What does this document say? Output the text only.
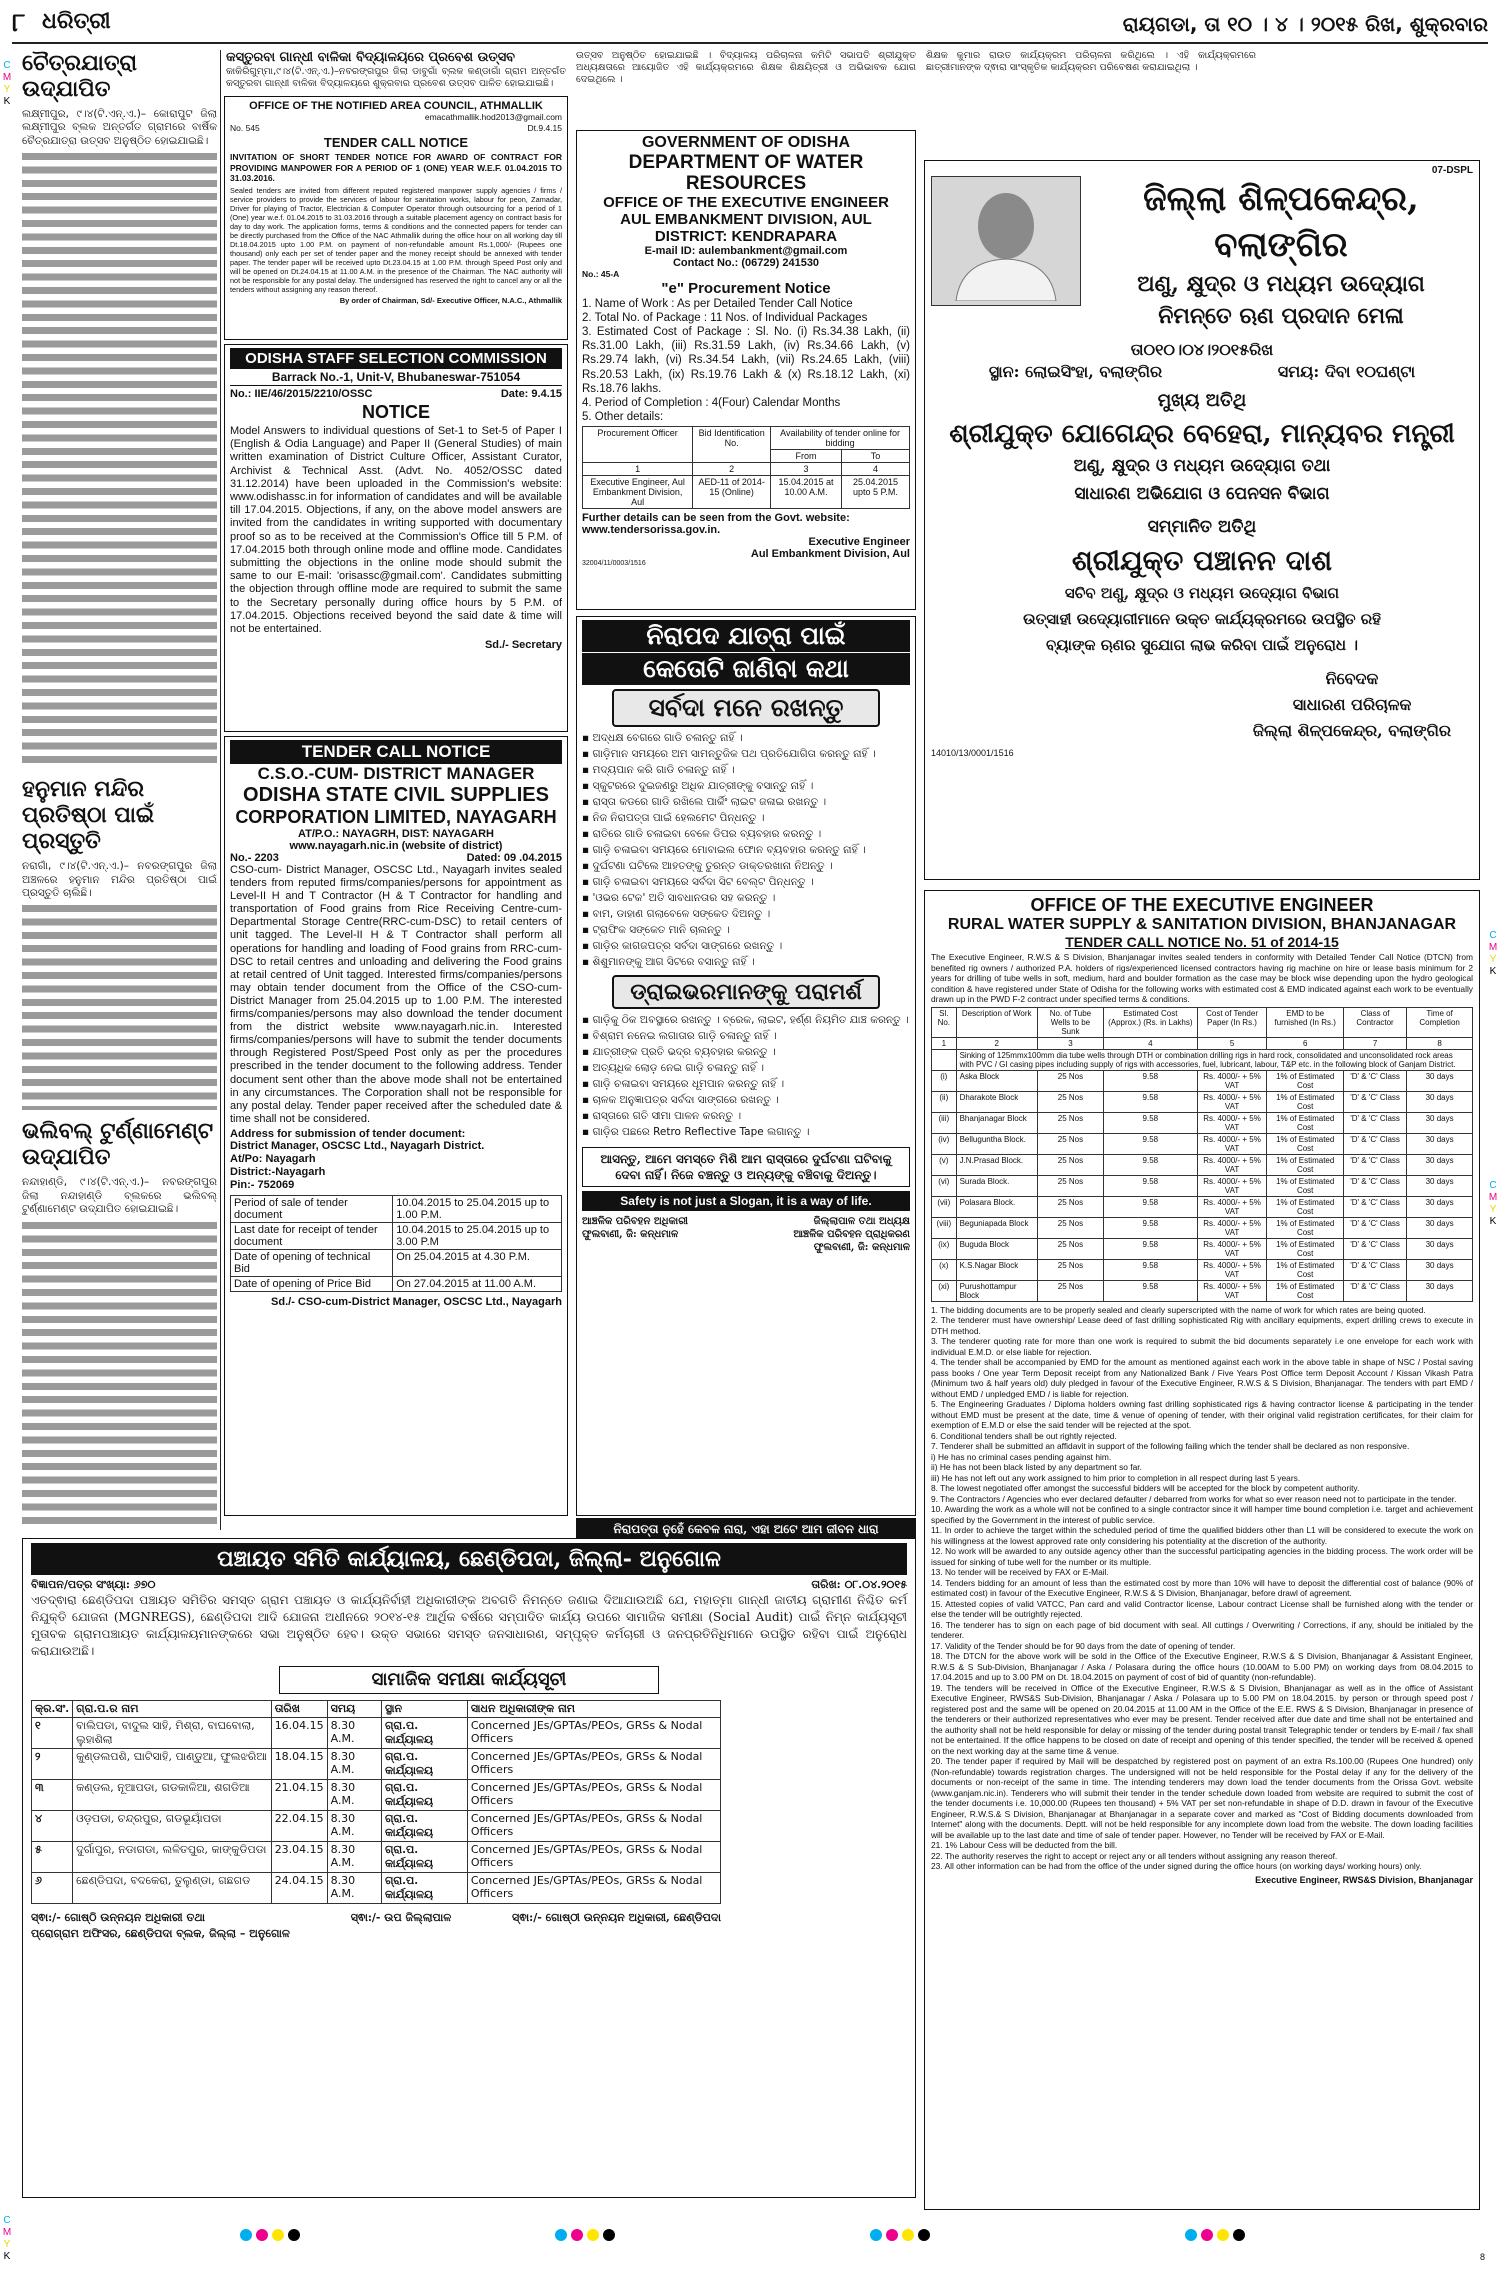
୮ ଧରିତ୍ରୀ	ରାୟଗଡା, ତା ୧୦ । ୪ । ୨୦୧୫ ରିଖ, ଶୁକ୍ରବାର
C
M
Y
K
C
M
Y
K
C
M
Y
K
C
M
Y
K
ଚୈତ୍ରଯାତ୍ରା ଉଦ୍ଯାପିତ
ଲକ୍ଷ୍ମୀପୁର, ୯।୪(ଟି.ଏନ୍.ଏ.)– କୋରାପୁଟ ଜିଲା ଲକ୍ଷ୍ମୀପୁର ବ୍ଲକ ଅନ୍ତର୍ଗତ ଗ୍ରାମରେ ବାର୍ଷିକ ଚୈତ୍ରଯାତ୍ରା ଉତ୍ସବ ଅନୁଷ୍ଠିତ ହୋଇଯାଇଛି।
ହନୁମାନ ମନ୍ଦିର ପ୍ରତିଷ୍ଠା ପାଇଁ ପ୍ରସ୍ତୁତି
ନରାଗାଁ, ୯।୪(ଟି.ଏନ୍.ଏ.)– ନବରଙ୍ଗପୁର ଜିଲା ଅଞ୍ଚଳରେ ହନୁମାନ ମନ୍ଦିର ପ୍ରତିଷ୍ଠା ପାଇଁ ପ୍ରସ୍ତୁତି ଚାଲିଛି।
ଭଲିବଲ୍ ଟୁର୍ଣ୍ଣାମେଣ୍ଟ ଉଦ୍ଯାପିତ
ନନ୍ଦାହାଣ୍ଡି, ୯।୪(ଟି.ଏନ୍.ଏ.)– ନବରଙ୍ଗପୁର ଜିଲା ନନ୍ଦାହାଣ୍ଡି ବ୍ଲକରେ ଭଲିବଲ୍ ଟୁର୍ଣ୍ଣାମେଣ୍ଟ ଉଦ୍ଯାପିତ ହୋଇଯାଇଛି।
କସ୍ତୁରବା ଗାନ୍ଧୀ ବାଳିକା ବିଦ୍ୟାଳୟରେ ପ୍ରବେଶ ଉତ୍ସବ
କାକିରିଗୁମ୍ମା,୯।୪(ଟି.ଏନ୍.ଏ.)–ନବରଙ୍ଗପୁର ଜିଲା ଡାବୁଗାଁ ବ୍ଲକ କଣ୍ଡାଗାଁ ଗ୍ରାମ ଅନ୍ତର୍ଗତ କସ୍ତୁରବା ଗାନ୍ଧୀ ବାଳିକା ବିଦ୍ୟାଳୟରେ ଶୁକ୍ରବାର ପ୍ରବେଶ ଉତ୍ସବ ପାଳିତ ହୋଇଯାଇଛି।
ଉତ୍ସବ ଅନୁଷ୍ଠିତ ହୋଇଯାଇଛି । ବିଦ୍ୟାଳୟ ପରିଚାଳନା କମିଟି ସଭାପତି ଶ୍ରୀଯୁକ୍ତ ଅଧ୍ୟକ୍ଷତାରେ ଆୟୋଜିତ ଏହି କାର୍ଯ୍ୟକ୍ରମରେ ଶିକ୍ଷକ ଶିକ୍ଷୟିତ୍ରୀ ଓ ଅଭିଭାବକ ଯୋଗ ଦେଇଥିଲେ ।
ଶିକ୍ଷକ କୁମାର ରାଉତ କାର୍ଯ୍ୟକ୍ରମ ପରିଚାଳନା କରିଥିଲେ । ଏହି କାର୍ଯ୍ୟକ୍ରମରେ ଛାତ୍ରୀମାନଙ୍କ ଦ୍ଵାରା ସାଂସ୍କୃତିକ କାର୍ଯ୍ୟକ୍ରମ ପରିବେଷଣ କରାଯାଇଥିଲା ।
OFFICE OF THE NOTIFIED AREA COUNCIL, ATHMALLIK
emacathmallik.hod2013@gmail.com
No. 545	Dt.9.4.15
TENDER CALL NOTICE
INVITATION OF SHORT TENDER NOTICE FOR AWARD OF CONTRACT FOR PROVIDING MANPOWER FOR A PERIOD OF 1 (ONE) YEAR W.E.F. 01.04.2015 TO 31.03.2016.
Sealed tenders are invited from different reputed registered manpower supply agencies / firms / service providers to provide the services of labour for sanitation works, labour for peon, Zamadar, Driver for playing of Tractor, Electrician & Computer Operator through outsourcing for a period of 1 (One) year w.e.f. 01.04.2015 to 31.03.2016 through a suitable placement agency on contract basis for day to day work. The application forms, terms & conditions and the connected papers for tender can be directly purchased from the Office of the NAC Athmallik during the office hour on all working day till Dt.18.04.2015 upto 1.00 P.M. on payment of non-refundable amount Rs.1,000/- (Rupees one thousand) only each per set of tender paper and the money receipt should be annexed with tender paper. The tender paper will be received upto Dt.23.04.15 at 1.00 P.M. through Speed Post only and will be opened on Dt.24.04.15 at 11.00 A.M. in the presence of the Chairman. The NAC authority will not be responsible for any postal delay. The undersigned has reserved the right to cancel any or all the tenders without assigning any reason thereof.
By order of Chairman, Sd/- Executive Officer, N.A.C., Athmallik
ODISHA STAFF SELECTION COMMISSION
Barrack No.-1, Unit-V, Bhubaneswar-751054
No.: IIE/46/2015/2210/OSSC	Date: 9.4.15
NOTICE
Model Answers to individual questions of Set-1 to Set-5 of Paper I (English & Odia Language) and Paper II (General Studies) of main written examination of District Culture Officer, Assistant Curator, Archivist & Technical Asst. (Advt. No. 4052/OSSC dated 31.12.2014) have been uploaded in the Commission's website: www.odishassc.in for information of candidates and will be available till 17.04.2015. Objections, if any, on the above model answers are invited from the candidates in writing supported with documentary proof so as to be received at the Commission's Office till 5 P.M. of 17.04.2015 both through online mode and offline mode. Candidates submitting the objections in the online mode should submit the same to our E-mail: 'orisassc@gmail.com'. Candidates submitting the objection through offline mode are required to submit the same to the Secretary personally during office hours by 5 P.M. of 17.04.2015. Objections received beyond the said date & time will not be entertained.
Sd./- Secretary
TENDER CALL NOTICE
C.S.O.-CUM- DISTRICT MANAGER
ODISHA STATE CIVIL SUPPLIES
CORPORATION LIMITED, NAYAGARH
AT/P.O.: NAYAGRH, DIST: NAYAGARH
www.nayagarh.nic.in (website of district)
No.- 2203	Dated: 09 .04.2015
CSO-cum- District Manager, OSCSC Ltd., Nayagarh invites sealed tenders from reputed firms/companies/persons for appointment as Level-II H and T Contractor (H & T Contractor for handling and transportation of Food grains from Rice Receiving Centre-cum-Departmental Storage Centre(RRC-cum-DSC) to retail centers of unit tagged. The Level-II H & T Contractor shall perform all operations for handling and loading of Food grains from RRC-cum-DSC to retail centres and unloading and delivering the Food grains at retail centred of Unit tagged. Interested firms/companies/persons may obtain tender document from the Office of the CSO-cum- District Manager from 25.04.2015 up to 1.00 P.M. The interested firms/companies/persons may also download the tender document from the district website www.nayagarh.nic.in. Interested firms/companies/persons will have to submit the tender documents through Registered Post/Speed Post only as per the procedures prescribed in the tender document to the following address. Tender document sent other than the above mode shall not be entertained in any circumstances. The Corporation shall not be responsible for any postal delay. Tender paper received after the scheduled date & time shall not be considered.
Address for submission of tender document:
District Manager, OSCSC Ltd., Nayagarh District.
At/Po: Nayagarh
District:-Nayagarh
Pin:- 752069
Period of sale of tender document	10.04.2015 to 25.04.2015 up to 1.00 P.M.
Last date for receipt of tender document	10.04.2015 to 25.04.2015 up to 3.00 P.M
Date of opening of technical Bid	On 25.04.2015 at 4.30 P.M.
Date of opening of Price Bid	On 27.04.2015 at 11.00 A.M.
Sd./- CSO-cum-District Manager, OSCSC Ltd., Nayagarh
GOVERNMENT OF ODISHA
DEPARTMENT OF WATER RESOURCES
OFFICE OF THE EXECUTIVE ENGINEER
AUL EMBANKMENT DIVISION, AUL
DISTRICT: KENDRAPARA
E-mail ID: aulembankment@gmail.com
Contact No.: (06729) 241530
No.: 45-A
"e" Procurement Notice
1. Name of Work : As per Detailed Tender Call Notice
2. Total No. of Package : 11 Nos. of Individual Packages
3. Estimated Cost of Package : Sl. No. (i) Rs.34.38 Lakh, (ii) Rs.31.00 Lakh, (iii) Rs.31.59 Lakh, (iv) Rs.34.66 Lakh, (v) Rs.29.74 lakh, (vi) Rs.34.54 Lakh, (vii) Rs.24.65 Lakh, (viii) Rs.20.53 Lakh, (ix) Rs.19.76 Lakh & (x) Rs.18.12 Lakh, (xi) Rs.18.76 lakhs.
4. Period of Completion : 4(Four) Calendar Months
5. Other details:
Procurement Officer	Bid Identification No.	Availability of tender online for bidding	
		From	To
1	2	3	4
Executive Engineer, Aul Embankment Division, Aul	AED-11 of 2014-15 (Online)	15.04.2015 at 10.00 A.M.	25.04.2015 upto 5 P.M.
Further details can be seen from the Govt. website: www.tendersorissa.gov.in.
Executive Engineer
Aul Embankment Division, Aul
32004/11/0003/1516
ନିରାପଦ ଯାତ୍ରା ପାଇଁ
କେତୋଟି ଜାଣିବା କଥା
ସର୍ବଦା ମନେ ରଖନ୍ତୁ
▪ ଅଦ୍ଧକ୍ଷ ବେଗରେ ଗାଡି ଚଳାନ୍ତୁ ନାହିଁ ।
▪ ଗାଡ଼ିମାନ ସମୟରେ ଅମ ସାମନ୍ତୁଜିକ ପଥ ପ୍ରତିଯୋଗିତା କରନ୍ତୁ ନାହିଁ ।
▪ ମଦ୍ୟପାନ କରି ଗାଡି ଚଳାନ୍ତୁ ନାହିଁ ।
▪ ସ୍କୁଟରରେ ଦୁଇଜଣରୁ ଅଧିକ ଯାତ୍ରୀଙ୍କୁ ବସାନ୍ତୁ ନାହିଁ ।
▪ ରାସ୍ତା କଡରେ ଗାଡି ରଖିଲେ ପାର୍କିଂ ଲାଇଟ ଜଳାଇ ରଖନ୍ତୁ ।
▪ ନିଜ ନିରାପତ୍ତା ପାଇଁ ହେଲମେଟ ପିନ୍ଧନ୍ତୁ ।
▪ ରାତିରେ ଗାଡି ଚଳାଇବା ବେଳେ ଡିପର ବ୍ୟବହାର କରନ୍ତୁ ।
▪ ଗାଡ଼ି ଚଳାଇବା ସମୟରେ ମୋବାଇଲ ଫୋନ ବ୍ୟବହାର କରନ୍ତୁ ନାହିଁ ।
▪ ଦୁର୍ଘଟଣା ଘଟିଲେ ଆହତଙ୍କୁ ତୁରନ୍ତ ଡାକ୍ତରଖାନା ନିଅନ୍ତୁ ।
▪ ଗାଡ଼ି ଚଳାଇବା ସମୟରେ ସର୍ବଦା ସିଟ ବେଲ୍ଟ ପିନ୍ଧନ୍ତୁ ।
▪ 'ଓଭର ଟେକ' ଅତି ସାବଧାନତାର ସହ କରନ୍ତୁ ।
▪ ବାମ, ଡାହାଣ ଗଲାବେଳେ ସଙ୍କେତ ଦିଅନ୍ତୁ ।
▪ ଟ୍ରାଫିକ ସଙ୍କେତ ମାନି ଚାଲନ୍ତୁ ।
▪ ଗାଡ଼ିର କାଗଜପତ୍ର ସର୍ବଦା ସାଙ୍ଗରେ ରଖନ୍ତୁ ।
▪ ଶିଶୁମାନଙ୍କୁ ଆଗ ସିଟରେ ବସାନ୍ତୁ ନାହିଁ ।
ଡ୍ରାଇଭରମାନଙ୍କୁ ପରାମର୍ଶ
▪ ଗାଡ଼ିକୁ ଠିକ ଅବସ୍ଥାରେ ରଖନ୍ତୁ । ବ୍ରେକ, ଲାଇଟ, ହର୍ଣ୍ଣ ନିୟମିତ ଯାଞ୍ଚ କରନ୍ତୁ ।
▪ ବିଶ୍ରାମ ନନେଇ ଲଗାତାର ଗାଡ଼ି ଚଳାନ୍ତୁ ନାହିଁ ।
▪ ଯାତ୍ରୀଙ୍କ ପ୍ରତି ଭଦ୍ର ବ୍ୟବହାର କରନ୍ତୁ ।
▪ ଅତ୍ୟଧିକ ଲୋଡ଼ ନେଇ ଗାଡ଼ି ଚଳାନ୍ତୁ ନାହିଁ ।
▪ ଗାଡ଼ି ଚଳାଇବା ସମୟରେ ଧୂମପାନ କରନ୍ତୁ ନାହିଁ ।
▪ ଚାଳକ ଅନୁଜ୍ଞାପତ୍ର ସର୍ବଦା ସାଙ୍ଗରେ ରଖନ୍ତୁ ।
▪ ରାସ୍ତାରେ ଗତି ସୀମା ପାଳନ କରନ୍ତୁ ।
▪ ଗାଡ଼ିର ପଛରେ Retro Reflective Tape ଲଗାନ୍ତୁ ।
ଆସନ୍ତୁ, ଆମେ ସମସ୍ତେ ମିଶି ଆମ ରାସ୍ତାରେ ଦୁର୍ଘଟଣା ଘଟିବାକୁ ଦେବା ନାହିଁ। ନିଜେ ବଞ୍ଚନ୍ତୁ ଓ ଅନ୍ୟଙ୍କୁ ବଞ୍ଚିବାକୁ ଦିଅନ୍ତୁ।
Safety is not just a Slogan, it is a way of life.
ଆଞ୍ଚଳିକ ପରିବହନ ଅଧିକାରୀ
ଫୁଲବାଣୀ, ଜି: କନ୍ଧମାଳ
ଜିଲ୍ଲାପାଳ ତଥା ଅଧ୍ୟକ୍ଷ
ଆଞ୍ଚଳିକ ପରିବହନ ପ୍ରାଧିକରଣ
ଫୁଲବାଣୀ, ଜି: କନ୍ଧମାଳ
ନିରାପତ୍ତା ନୁହେଁ କେବଳ ନାରା, ଏହା ଅଟେ ଆମ ଜୀବନ ଧାରା
07-DSPL
ଜିଲ୍ଲା ଶିଳ୍ପକେନ୍ଦ୍ର, ବଲାଙ୍ଗିର
ଅଣୁ, କ୍ଷୁଦ୍ର ଓ ମଧ୍ୟମ ଉଦ୍ୟୋଗ
ନିମନ୍ତେ ଋଣ ପ୍ରଦାନ ମେଳା
ତା୦୧୦।୦୪।୨୦୧୫ରିଖ
ସ୍ଥାନ: ଲୋଇସିଂହା, ବଲାଙ୍ଗିର	ସମୟ: ଦିବା ୧୦ଘଣ୍ଟା
ମୁଖ୍ୟ ଅତିଥି
ଶ୍ରୀଯୁକ୍ତ ଯୋଗେନ୍ଦ୍ର ବେହେରା, ମାନ୍ୟବର ମନ୍ତ୍ରୀ
ଅଣୁ, କ୍ଷୁଦ୍ର ଓ ମଧ୍ୟମ ଉଦ୍ୟୋଗ ତଥା
ସାଧାରଣ ଅଭିଯୋଗ ଓ ପେନସନ ବିଭାଗ
ସମ୍ମାନିତ ଅତିଥି
ଶ୍ରୀଯୁକ୍ତ ପଞ୍ଚାନନ ଦାଶ
ସଚିବ ଅଣୁ, କ୍ଷୁଦ୍ର ଓ ମଧ୍ୟମ ଉଦ୍ୟୋଗ ବିଭାଗ
ଉତ୍ସାହୀ ଉଦ୍ୟୋଗୀମାନେ ଉକ୍ତ କାର୍ଯ୍ୟକ୍ରମରେ ଉପସ୍ଥିତ ରହି
ବ୍ୟାଙ୍କ ଋଣର ସୁଯୋଗ ଲାଭ କରିବା ପାଇଁ ଅନୁରୋଧ ।
ନିବେଦକ
ସାଧାରଣ ପରିଚାଳକ
ଜିଲ୍ଲା ଶିଳ୍ପକେନ୍ଦ୍ର, ବଲାଙ୍ଗିର
14010/13/0001/1516
OFFICE OF THE EXECUTIVE ENGINEER
RURAL WATER SUPPLY & SANITATION DIVISION, BHANJANAGAR
TENDER CALL NOTICE No. 51 of 2014-15
The Executive Engineer, R.W.S & S Division, Bhanjanagar invites sealed tenders in conformity with Detailed Tender Call Notice (DTCN) from benefited rig owners / authorized P.A. holders of rigs/experienced licensed contractors having rig machine on hire or lease basis minimum for 2 years for drilling of tube wells in soft, medium, hard and boulder formation as the case may be block wise depending upon the hydro geological condition & have registered under State of Odisha for the following works with estimated cost & EMD indicated against each work to be eventually drawn up in the PWD F-2 contract under specified terms & conditions.
Sl. No.	Description of Work	No. of Tube Wells to be Sunk	Estimated Cost (Approx.) (Rs. in Lakhs)	Cost of Tender Paper (In Rs.)	EMD to be furnished (In Rs.)	Class of Contractor	Time of Completion
1	2	3	4	5	6	7	8
	Sinking of 125mmx100mm dia tube wells through DTH or combination drilling rigs in hard rock, consolidated and unconsolidated rock areas with PVC / GI casing pipes including supply of rigs with accessories, fuel, lubricant, labour, T&P etc. in the following block of Ganjam District.						
(i)	Aska Block	25 Nos	9.58	Rs. 4000/- + 5% VAT	1% of Estimated Cost	'D' & 'C' Class	30 days
(ii)	Dharakote Block	25 Nos	9.58	Rs. 4000/- + 5% VAT	1% of Estimated Cost	'D' & 'C' Class	30 days
(iii)	Bhanjanagar Block	25 Nos	9.58	Rs. 4000/- + 5% VAT	1% of Estimated Cost	'D' & 'C' Class	30 days
(iv)	Belluguntha Block.	25 Nos	9.58	Rs. 4000/- + 5% VAT	1% of Estimated Cost	'D' & 'C' Class	30 days
(v)	J.N.Prasad Block.	25 Nos	9.58	Rs. 4000/- + 5% VAT	1% of Estimated Cost	'D' & 'C' Class	30 days
(vi)	Surada Block.	25 Nos	9.58	Rs. 4000/- + 5% VAT	1% of Estimated Cost	'D' & 'C' Class	30 days
(vii)	Polasara Block.	25 Nos	9.58	Rs. 4000/- + 5% VAT	1% of Estimated Cost	'D' & 'C' Class	30 days
(viii)	Beguniapada Block	25 Nos	9.58	Rs. 4000/- + 5% VAT	1% of Estimated Cost	'D' & 'C' Class	30 days
(ix)	Buguda Block	25 Nos	9.58	Rs. 4000/- + 5% VAT	1% of Estimated Cost	'D' & 'C' Class	30 days
(x)	K.S.Nagar Block	25 Nos	9.58	Rs. 4000/- + 5% VAT	1% of Estimated Cost	'D' & 'C' Class	30 days
(xi)	Purushottampur Block	25 Nos	9.58	Rs. 4000/- + 5% VAT	1% of Estimated Cost	'D' & 'C' Class	30 days
1. The bidding documents are to be properly sealed and clearly superscripted with the name of work for which rates are being quoted.
2. The tenderer must have ownership/ Lease deed of fast drilling sophisticated Rig with ancillary equipments, expert drilling crews to execute in DTH method.
3. The tenderer quoting rate for more than one work is required to submit the bid documents separately i.e one envelope for each work with individual E.M.D. or else liable for rejection.
4. The tender shall be accompanied by EMD for the amount as mentioned against each work in the above table in shape of NSC / Postal saving pass books / One year Term Deposit receipt from any Nationalized Bank / Five Years Post Office term Deposit Account / Kissan Vikash Patra (Minimum two & half years old) duly pledged in favour of the Executive Engineer, R.W.S & S Division, Bhanjanagar. The tenders with part EMD / without EMD / unpledged EMD / is liable for rejection.
5. The Engineering Graduates / Diploma holders owning fast drilling sophisticated rigs & having contractor license & participating in the tender without EMD must be present at the date, time & venue of opening of tender, with their original valid registration certificates, for their claim for exemption of E.M.D or else the said tender will be rejected at the spot.
6. Conditional tenders shall be out rightly rejected.
7. Tenderer shall be submitted an affidavit in support of the following failing which the tender shall be declared as non responsive.
i) He has no criminal cases pending against him.
ii) He has not been black listed by any department so far.
iii) He has not left out any work assigned to him prior to completion in all respect during last 5 years.
8. The lowest negotiated offer amongst the successful bidders will be accepted for the block by competent authority.
9. The Contractors / Agencies who ever declared defaulter / debarred from works for what so ever reason need not to participate in the tender.
10. Awarding the work as a whole will not be confined to a single contractor since it will hamper time bound completion i.e. target and achievement specified by the Government in the interest of public service.
11. In order to achieve the target within the scheduled period of time the qualified bidders other than L1 will be considered to execute the work on his willingness at the lowest approved rate only considering his potentiality at the discretion of the authority.
12. No work will be awarded to any outside agency other than the successful participating agencies in the bidding process. The work order will be issued for sinking of tube well for the number or its multiple.
13. No tender will be received by FAX or E-Mail.
14. Tenders bidding for an amount of less than the estimated cost by more than 10% will have to deposit the differential cost of balance (90% of estimated cost) in favour of the Executive Engineer, R.W.S & S Division, Bhanjanagar, before drawl of agreement.
15. Attested copies of valid VATCC, Pan card and valid Contractor license, Labour contract License shall be furnished along with the tender or else the tender will be outrightly rejected.
16. The tenderer has to sign on each page of bid document with seal. All cuttings / Overwriting / Corrections, if any, should be initialed by the tenderer.
17. Validity of the Tender should be for 90 days from the date of opening of tender.
18. The DTCN for the above work will be sold in the Office of the Executive Engineer, R.W.S & S Division, Bhanjanagar & Assistant Engineer, R.W.S & S Sub-Division, Bhanjanagar / Aska / Polasara during the office hours (10.00AM to 5.00 PM) on working days from 08.04.2015 to 17.04.2015 and up to 3.00 PM on Dt. 18.04.2015 on payment of cost of bid of quantity (non-refundable).
19. The tenders will be received in Office of the Executive Engineer, R.W.S & S Division, Bhanjanagar as well as in the office of Assistant Executive Engineer, RWS&S Sub-Division, Bhanjanagar / Aska / Polasara up to 5.00 PM on 18.04.2015. by person or through speed post / registered post and the same will be opened on 20.04.2015 at 11.00 AM in the Office of the E.E. RWS & S Division, Bhanjanagar in presence of the tenderers or their authorized representatives who ever may be present. Tender received after due date and time shall not be entertained and the authority shall not be held responsible for delay or missing of the tender during postal transit Telegraphic tender or tenders by E-mail / fax shall not be entertained. If the office happens to be closed on date of receipt and opening of this tender specified, the tender will be received & opened on the next working day at the same time & venue.
20. The tender paper if required by Mail will be despatched by registered post on payment of an extra Rs.100.00 (Rupees One hundred) only (Non-refundable) towards registration charges. The undersigned will not be held responsible for the Postal delay if any for the delivery of the documents or non-receipt of the same in time. The intending tenderers may down load the tender documents from the Orissa Govt. website (www.ganjam.nic.in). Tenderers who will submit their tender in the tender schedule down loaded from website are required to submit the cost of the tender documents i.e. 10,000.00 (Rupees ten thousand) + 5% VAT per set non-refundable in shape of D.D. drawn in favour of the Executive Engineer, R.W.S.& S Division, Bhanjanagar at Bhanjanagar in a separate cover and marked as "Cost of Bidding documents downloaded from Internet" along with the documents. Deptt. will not be held responsible for any incomplete down load from the website. The down loading facilities will be available up to the last date and time of sale of tender paper. However, no Tender will be received by FAX or E-Mail.
21. 1% Labour Cess will be deducted from the bill.
22. The authority reserves the right to accept or reject any or all tenders without assigning any reason thereof.
23. All other information can be had from the office of the under signed during the office hours (on working days/ working hours) only.
Executive Engineer, RWS&S Division, Bhanjanagar
ପଞ୍ଚାୟତ ସମିତି କାର୍ଯ୍ୟାଳୟ, ଛେଣ୍ଡିପଦା, ଜିଲ୍ଲା- ଅନୁଗୋଳ
ବିଜ୍ଞାପନ/ପତ୍ର ସଂଖ୍ୟା: ୬୭୦	ତାରିଖ: ୦୮.୦୪.୨୦୧୫
ଏତଦ୍ଵାରା ଛେଣ୍ଡିପଦା ପଞ୍ଚାୟତ ସମିତିର ସମସ୍ତ ଗ୍ରାମ ପଞ୍ଚାୟତ ଓ କାର୍ଯ୍ୟନିର୍ବାହୀ ଅଧିକାରୀଙ୍କ ଅବଗତି ନିମନ୍ତେ ଜଣାଇ ଦିଆଯାଉଅଛି ଯେ, ମହାତ୍ମା ଗାନ୍ଧୀ ଜାତୀୟ ଗ୍ରାମୀଣ ନିଶ୍ଚିତ କର୍ମ ନିଯୁକ୍ତି ଯୋଜନା (MGNREGS), ଛେଣ୍ଡିପଦା ଆଦି ଯୋଜନା ଅଧୀନରେ ୨୦୧୪-୧୫ ଆର୍ଥିକ ବର୍ଷରେ ସମ୍ପାଦିତ କାର୍ଯ୍ୟ ଉପରେ ସାମାଜିକ ସମୀକ୍ଷା (Social Audit) ପାଇଁ ନିମ୍ନ କାର୍ଯ୍ୟସୂଚୀ ମୁତାବକ ଗ୍ରାମପଞ୍ଚାୟତ କାର୍ଯ୍ୟାଳୟମାନଙ୍କରେ ସଭା ଅନୁଷ୍ଠିତ ହେବ। ଉକ୍ତ ସଭାରେ ସମସ୍ତ ଜନସାଧାରଣ, ସମ୍ପୃକ୍ତ କର୍ମଚାରୀ ଓ ଜନପ୍ରତିନିଧିମାନେ ଉପସ୍ଥିତ ରହିବା ପାଇଁ ଅନୁରୋଧ କରାଯାଉଅଛି।
ସାମାଜିକ ସମୀକ୍ଷା କାର୍ଯ୍ୟସୂଚୀ
କ୍ର.ସଂ.	ଗ୍ରା.ପ.ର ନାମ	ତାରିଖ	ସମୟ	ସ୍ଥାନ	ସାଧନ ଅଧିକାରୀଙ୍କ ନାମ
୧	ବାଲିପଡା, ବାଦୁଲ ସାହି, ମିଶ୍ରା, ବାଘବୋଲା, ଲୁହାଶିଲା	16.04.15	8.30 A.M.	ଗ୍ରା.ପ. କାର୍ଯ୍ୟାଳୟ	Concerned JEs/GPTAs/PEOs, GRSs & Nodal Officers
୨	କୁଣ୍ଡଲପଶି, ଘାଟିସାହି, ପାଣ୍ଡୁଆ, ଫୁଲଝରିଆ	18.04.15	8.30 A.M.	ଗ୍ରା.ପ. କାର୍ଯ୍ୟାଳୟ	Concerned JEs/GPTAs/PEOs, GRSs & Nodal Officers
୩	କଣ୍ଡଲ, ନୂଆପଡା, ଗଡକାଳିଆ, ଶଗଡିଆ	21.04.15	8.30 A.M.	ଗ୍ରା.ପ. କାର୍ଯ୍ୟାଳୟ	Concerned JEs/GPTAs/PEOs, GRSs & Nodal Officers
୪	ଓଡ଼ପଡା, ଚନ୍ଦ୍ରପୁର, ଗଡଭୂୟାଁପଡା	22.04.15	8.30 A.M.	ଗ୍ରା.ପ. କାର୍ଯ୍ୟାଳୟ	Concerned JEs/GPTAs/PEOs, GRSs & Nodal Officers
୫	ଦୁର୍ଗାପୁର, ନଡାଗଡା, ଲଳିତପୁର, କାଙ୍କୁଡିପଡା	23.04.15	8.30 A.M.	ଗ୍ରା.ପ. କାର୍ଯ୍ୟାଳୟ	Concerned JEs/GPTAs/PEOs, GRSs & Nodal Officers
୬	ଛେଣ୍ଡିପଦା, ବଦକେରା, ତୁଲୁଣ୍ଡା, ଗଛଗଡ	24.04.15	8.30 A.M.	ଗ୍ରା.ପ. କାର୍ଯ୍ୟାଳୟ	Concerned JEs/GPTAs/PEOs, GRSs & Nodal Officers
ସ୍ଵା:/- ଗୋଷ୍ଠି ଉନ୍ନୟନ ଅଧିକାରୀ ତଥା
ପ୍ରୋଗ୍ରାମ ଅଫିସର, ଛେଣ୍ଡିପଦା ବ୍ଲକ, ଜିଲ୍ଲା – ଅନୁଗୋଳ
ସ୍ଵା:/- ଉପ ଜିଲ୍ଲାପାଳ	ସ୍ଵା:/- ଗୋଷ୍ଠୀ ଉନ୍ନୟନ ଅଧିକାରୀ, ଛେଣ୍ଡିପଦା
8
